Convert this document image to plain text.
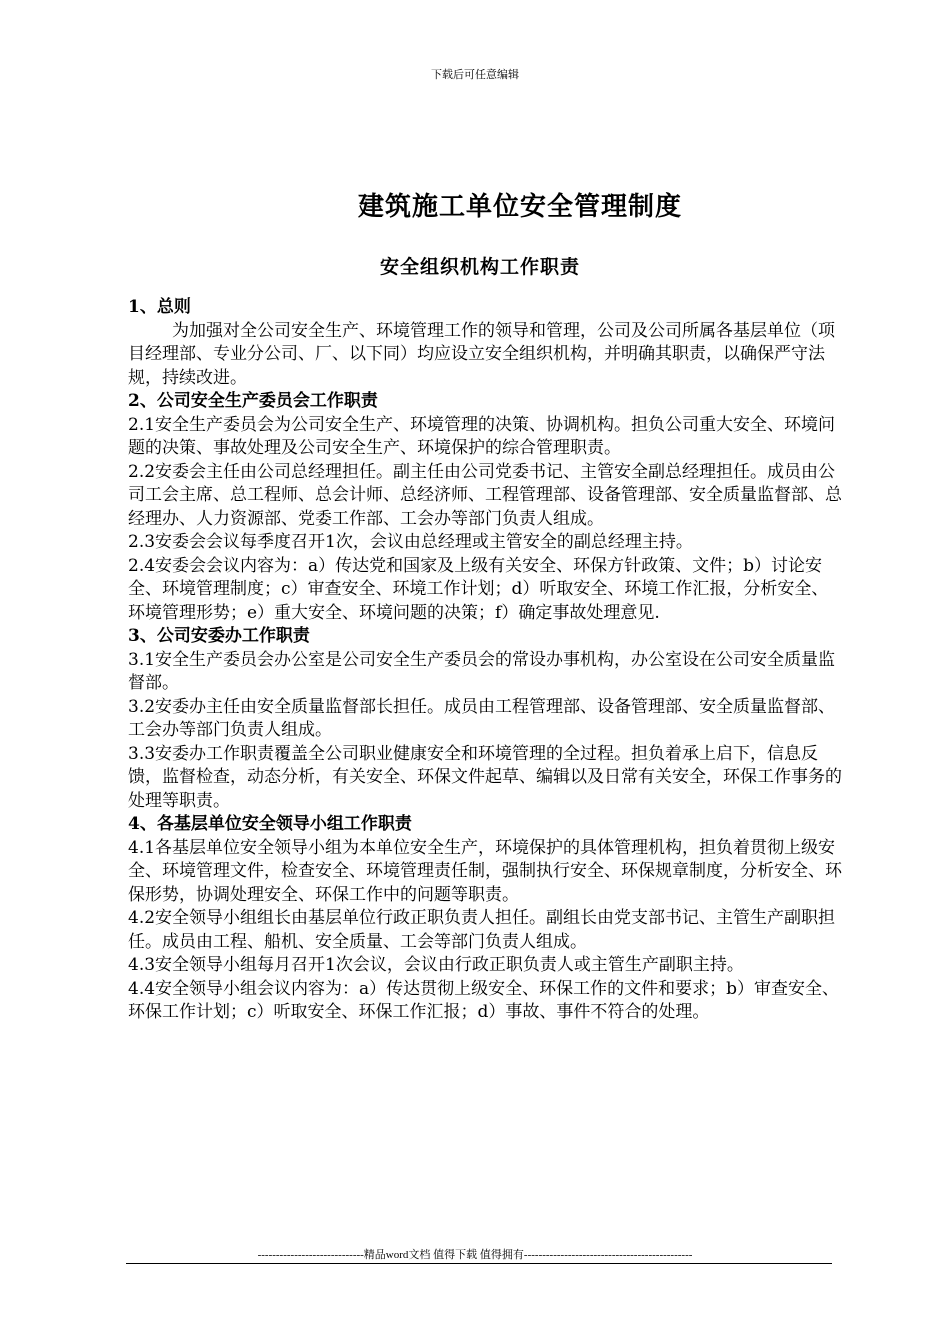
下载后可任意编辑
建筑施工单位安全管理制度
安全组织机构工作职责

1、总则

为加强对全公司安全生产、环境管理工作的领导和管理，公司及公司所属各基层单位（项目经理部、专业分公司、厂、以下同）均应设立安全组织机构，并明确其职责，以确保严守法规，持续改进。

2、公司安全生产委员会工作职责

2.1安全生产委员会为公司安全生产、环境管理的决策、协调机构。担负公司重大安全、环境问题的决策、事故处理及公司安全生产、环境保护的综合管理职责。

2.2安委会主任由公司总经理担任。副主任由公司党委书记、主管安全副总经理担任。成员由公司工会主席、总工程师、总会计师、总经济师、工程管理部、设备管理部、安全质量监督部、总经理办、人力资源部、党委工作部、工会办等部门负责人组成。

2.3安委会会议每季度召开1次，会议由总经理或主管安全的副总经理主持。

2.4安委会会议内容为：a）传达党和国家及上级有关安全、环保方针政策、文件；b）讨论安全、环境管理制度；c）审查安全、环境工作计划；d）听取安全、环境工作汇报，分析安全、环境管理形势；e）重大安全、环境问题的决策；f）确定事故处理意见.

3、公司安委办工作职责

3.1安全生产委员会办公室是公司安全生产委员会的常设办事机构，办公室设在公司安全质量监督部。

3.2安委办主任由安全质量监督部长担任。成员由工程管理部、设备管理部、安全质量监督部、工会办等部门负责人组成。

3.3安委办工作职责覆盖全公司职业健康安全和环境管理的全过程。担负着承上启下，信息反馈，监督检查，动态分析，有关安全、环保文件起草、编辑以及日常有关安全，环保工作事务的处理等职责。

4、各基层单位安全领导小组工作职责

4.1各基层单位安全领导小组为本单位安全生产，环境保护的具体管理机构，担负着贯彻上级安全、环境管理文件，检查安全、环境管理责任制，强制执行安全、环保规章制度，分析安全、环保形势，协调处理安全、环保工作中的问题等职责。

4.2安全领导小组组长由基层单位行政正职负责人担任。副组长由党支部书记、主管生产副职担任。成员由工程、船机、安全质量、工会等部门负责人组成。

4.3安全领导小组每月召开1次会议，会议由行政正职负责人或主管生产副职主持。

4.4安全领导小组会议内容为：a）传达贯彻上级安全、环保工作的文件和要求；b）审查安全、环保工作计划；c）听取安全、环保工作汇报；d）事故、事件不符合的处理。

-----------------------------精品word文档 值得下载 值得拥有----------------------------------------------
